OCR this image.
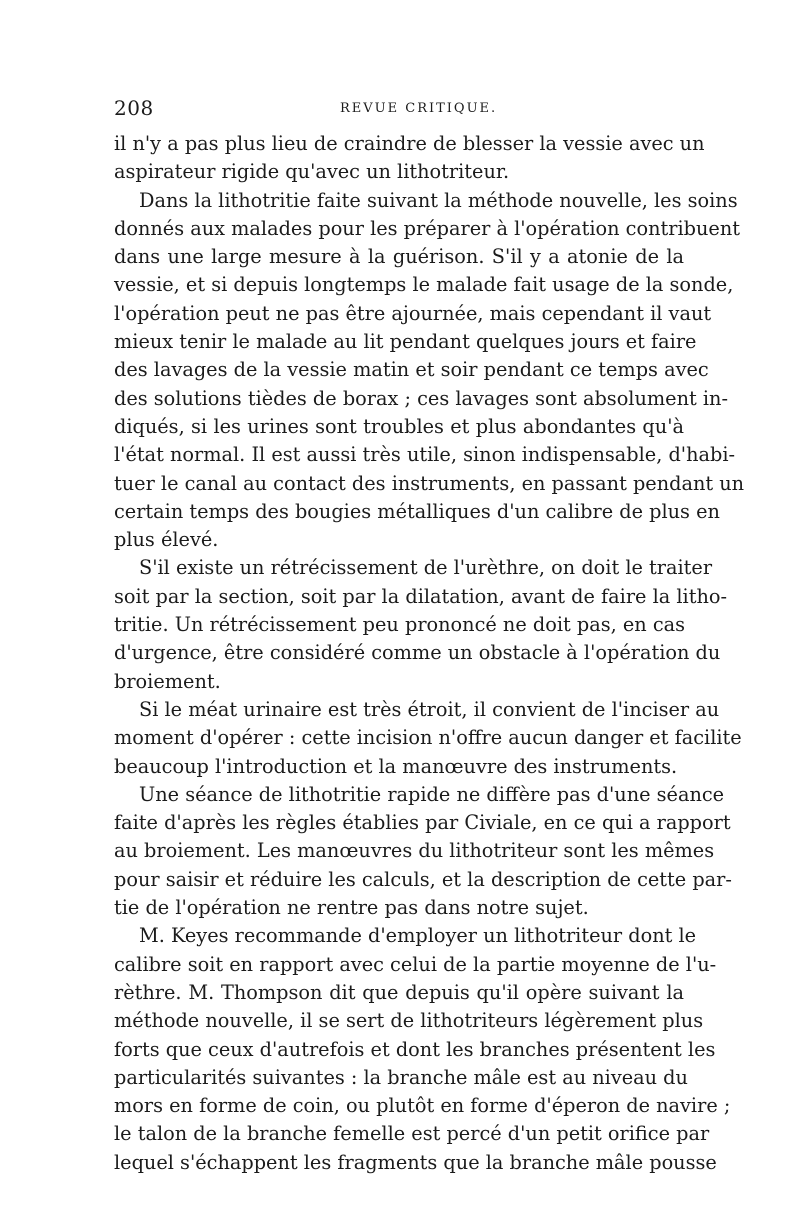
208	REVUE CRITIQUE.
il n'y a pas plus lieu de craindre de blesser la vessie avec un
aspirateur rigide qu'avec un lithotriteur.
Dans la lithotritie faite suivant la méthode nouvelle, les soins
donnés aux malades pour les préparer à l'opération contribuent
dans une large mesure à la guérison. S'il y a atonie de la
vessie, et si depuis longtemps le malade fait usage de la sonde,
l'opération peut ne pas être ajournée, mais cependant il vaut
mieux tenir le malade au lit pendant quelques jours et faire
des lavages de la vessie matin et soir pendant ce temps avec
des solutions tièdes de borax ; ces lavages sont absolument in-
diqués, si les urines sont troubles et plus abondantes qu'à
l'état normal. Il est aussi très utile, sinon indispensable, d'habi-
tuer le canal au contact des instruments, en passant pendant un
certain temps des bougies métalliques d'un calibre de plus en
plus élevé.
S'il existe un rétrécissement de l'urèthre, on doit le traiter
soit par la section, soit par la dilatation, avant de faire la litho-
tritie. Un rétrécissement peu prononcé ne doit pas, en cas
d'urgence, être considéré comme un obstacle à l'opération du
broiement.
Si le méat urinaire est très étroit, il convient de l'inciser au
moment d'opérer : cette incision n'offre aucun danger et facilite
beaucoup l'introduction et la manœuvre des instruments.
Une séance de lithotritie rapide ne diffère pas d'une séance
faite d'après les règles établies par Civiale, en ce qui a rapport
au broiement. Les manœuvres du lithotriteur sont les mêmes
pour saisir et réduire les calculs, et la description de cette par-
tie de l'opération ne rentre pas dans notre sujet.
M. Keyes recommande d'employer un lithotriteur dont le
calibre soit en rapport avec celui de la partie moyenne de l'u-
rèthre. M. Thompson dit que depuis qu'il opère suivant la
méthode nouvelle, il se sert de lithotriteurs légèrement plus
forts que ceux d'autrefois et dont les branches présentent les
particularités suivantes : la branche mâle est au niveau du
mors en forme de coin, ou plutôt en forme d'éperon de navire ;
le talon de la branche femelle est percé d'un petit orifice par
lequel s'échappent les fragments que la branche mâle pousse
